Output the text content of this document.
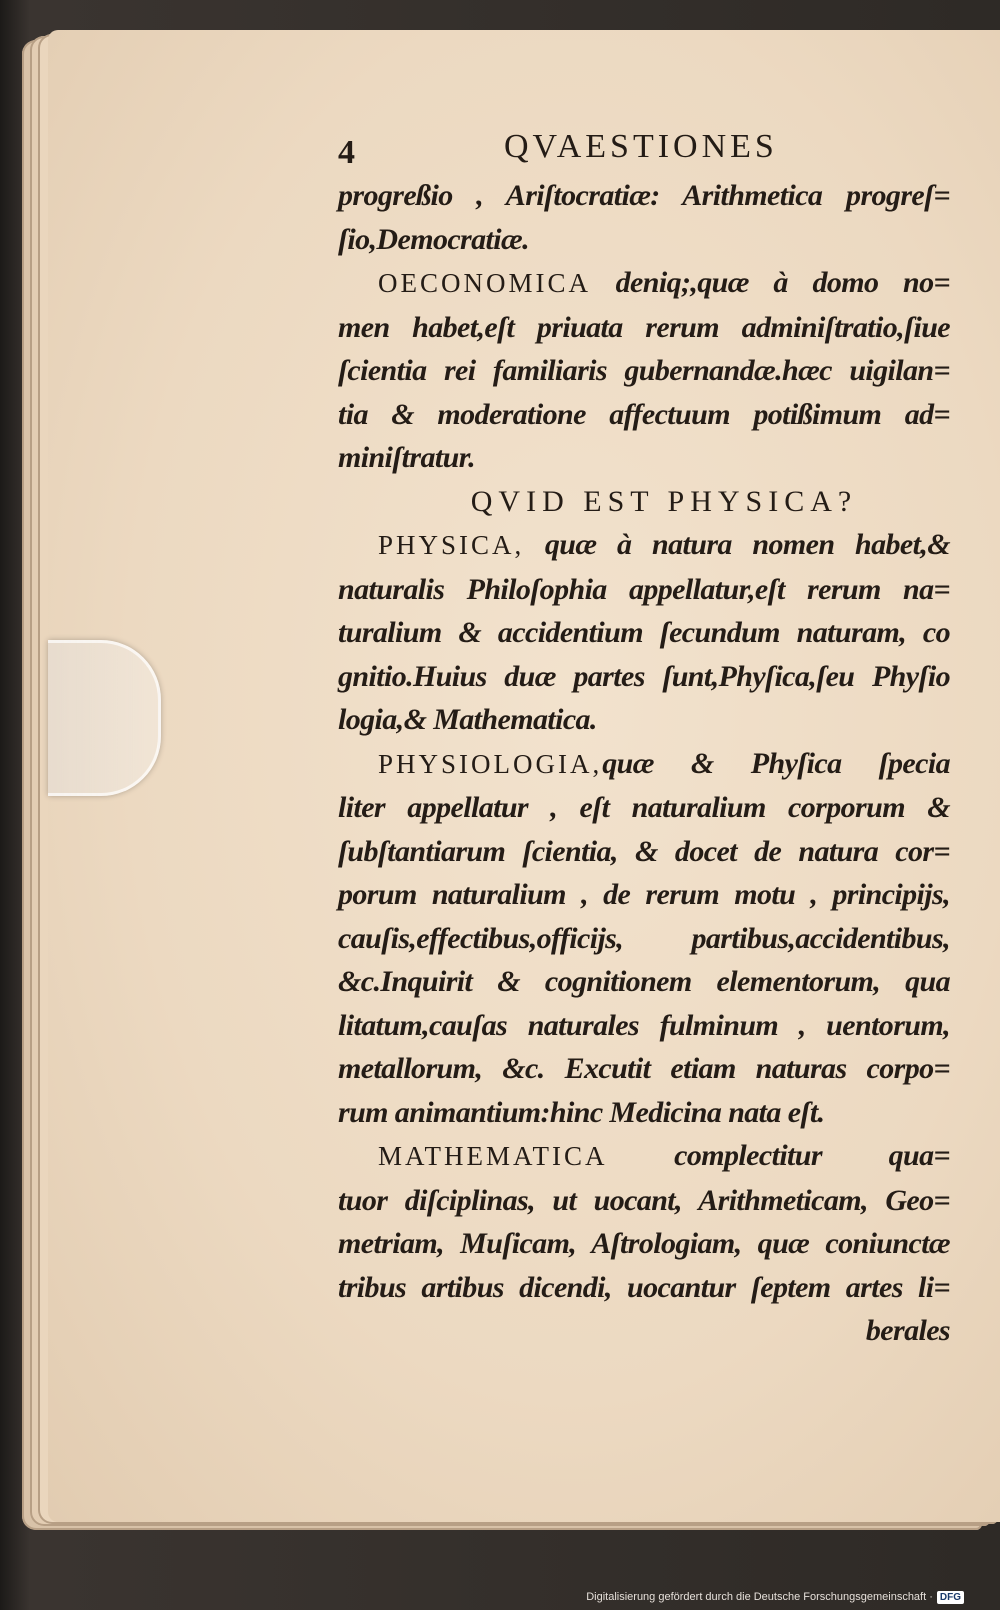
4	QVAESTIONES
progreßio , Ariſtocratiæ: Arithmetica progreſ=
ſio,Democratiæ.
OECONOMICA deniq;,quæ à domo no=
men habet,eſt priuata rerum adminiſtratio,ſiue
ſcientia rei familiaris gubernandæ.hæc uigilan=
tia & moderatione affectuum potißimum ad=
miniſtratur.
QVID EST PHYSICA?
PHYSICA, quæ à natura nomen habet,&
naturalis Philoſophia appellatur,eſt rerum na=
turalium & accidentium ſecundum naturam, co
gnitio.Huius duæ partes ſunt,Phyſica,ſeu Phyſio
logia,& Mathematica.
PHYSIOLOGIA,quæ & Phyſica ſpecia
liter appellatur , eſt naturalium corporum &
ſubſtantiarum ſcientia, & docet de natura cor=
porum naturalium , de rerum motu , principijs,
cauſis,effectibus,officijs, partibus,accidentibus,
&c.Inquirit & cognitionem elementorum, qua
litatum,cauſas naturales fulminum , uentorum,
metallorum, &c. Excutit etiam naturas corpo=
rum animantium:hinc Medicina nata eſt.
MATHEMATICA complectitur qua=
tuor diſciplinas, ut uocant, Arithmeticam, Geo=
metriam, Muſicam, Aſtrologiam, quæ coniunctæ
tribus artibus dicendi, uocantur ſeptem artes li=
berales
Digitalisierung gefördert durch die Deutsche Forschungsgemeinschaft · DFG
